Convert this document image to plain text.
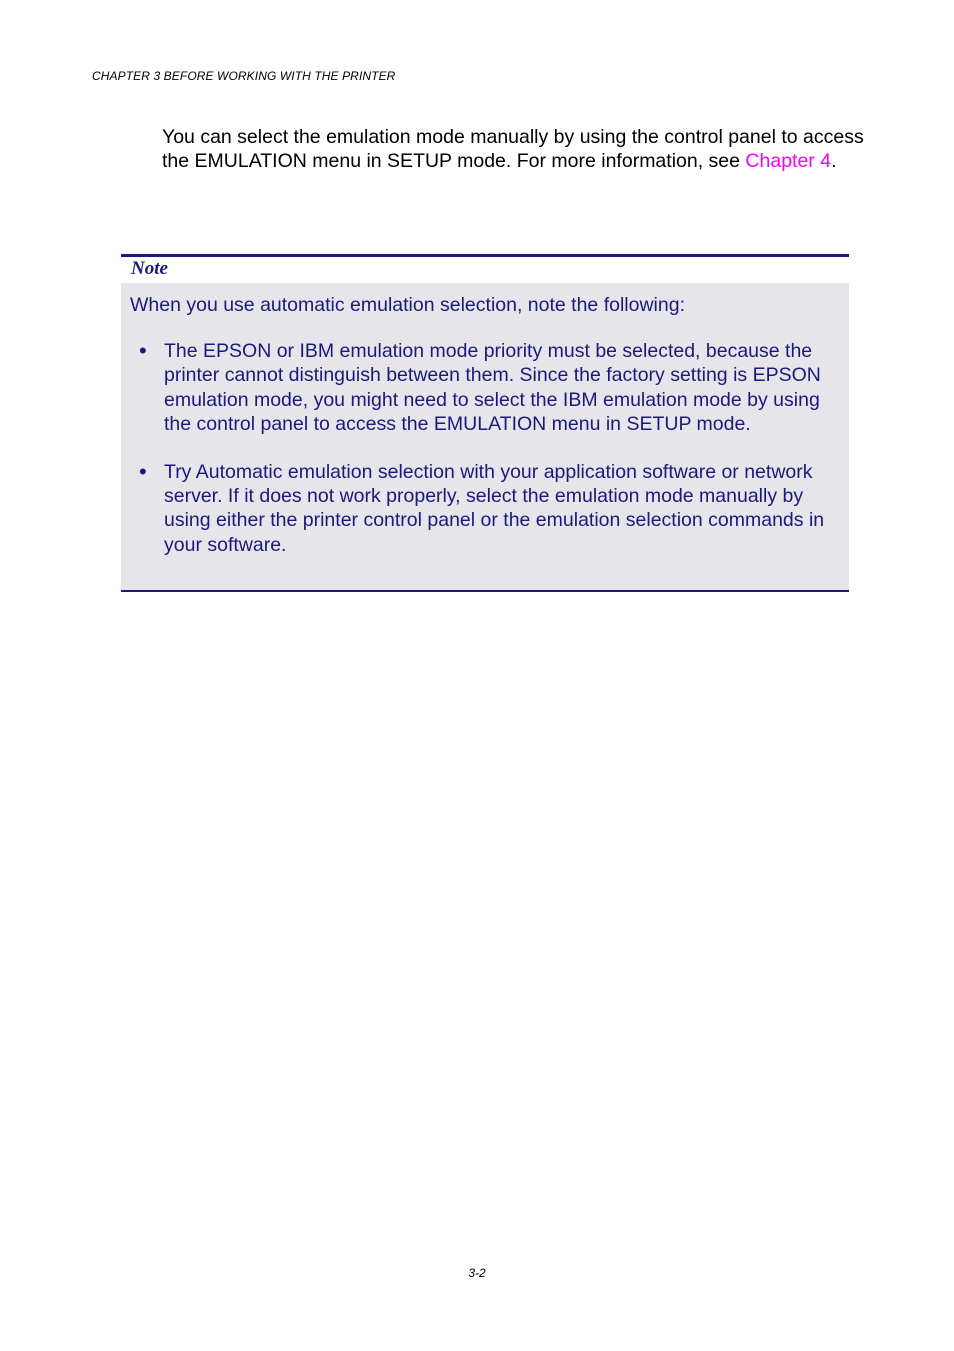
CHAPTER 3 BEFORE WORKING WITH THE PRINTER

You can select the emulation mode manually by using the control panel to access the EMULATION menu in SETUP mode. For more information, see Chapter 4.

Note
When you use automatic emulation selection, note the following:
• The EPSON or IBM emulation mode priority must be selected, because the printer cannot distinguish between them. Since the factory setting is EPSON emulation mode, you might need to select the IBM emulation mode by using the control panel to access the EMULATION menu in SETUP mode.
• Try Automatic emulation selection with your application software or network server. If it does not work properly, select the emulation mode manually by using either the printer control panel or the emulation selection commands in your software.
3-2
